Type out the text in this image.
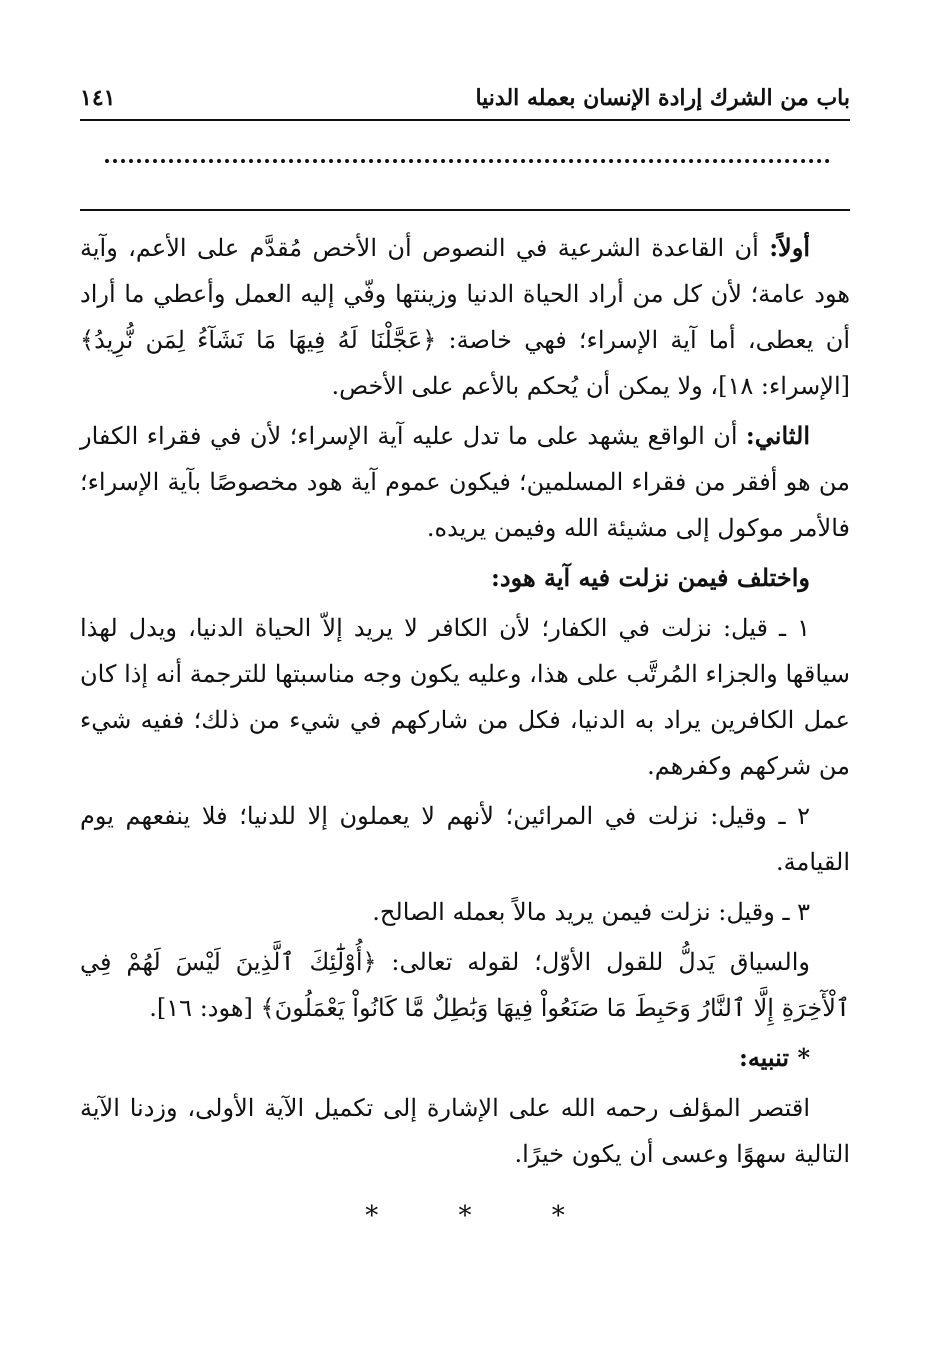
باب من الشرك إرادة الإنسان بعمله الدنيا
١٤١

أولاً: أن القاعدة الشرعية في النصوص أن الأخص مُقدَّم على الأعم، وآية هود عامة؛ لأن كل من أراد الحياة الدنيا وزينتها وفّي إليه العمل وأعطي ما أراد أن يعطى، أما آية الإسراء؛ فهي خاصة: ﴿عَجَّلْنَا لَهُ فِيهَا مَا نَشَآءُ لِمَن نُّرِيدُ﴾ [الإسراء: ١٨]، ولا يمكن أن يُحكم بالأعم على الأخص.

الثاني: أن الواقع يشهد على ما تدل عليه آية الإسراء؛ لأن في فقراء الكفار من هو أفقر من فقراء المسلمين؛ فيكون عموم آية هود مخصوصًا بآية الإسراء؛ فالأمر موكول إلى مشيئة الله وفيمن يريده.

واختلف فيمن نزلت فيه آية هود:

١ ـ قيل: نزلت في الكفار؛ لأن الكافر لا يريد إلاّ الحياة الدنيا، ويدل لهذا سياقها والجزاء المُرتَّب على هذا، وعليه يكون وجه مناسبتها للترجمة أنه إذا كان عمل الكافرين يراد به الدنيا، فكل من شاركهم في شيء من ذلك؛ ففيه شيء من شركهم وكفرهم.

٢ ـ وقيل: نزلت في المرائين؛ لأنهم لا يعملون إلا للدنيا؛ فلا ينفعهم يوم القيامة.

٣ ـ وقيل: نزلت فيمن يريد مالاً بعمله الصالح.

والسياق يَدلُّ للقول الأوّل؛ لقوله تعالى: ﴿أُوْلَٰٓئِكَ ٱلَّذِينَ لَيْسَ لَهُمْ فِي ٱلْأٓخِرَةِ إِلَّا ٱلنَّارُ وَحَبِطَ مَا صَنَعُواْ فِيهَا وَبَٰطِلٌ مَّا كَانُواْ يَعْمَلُونَ﴾ [هود: ١٦].

* تنبيه:

اقتصر المؤلف رحمه الله على الإشارة إلى تكميل الآية الأولى، وزدنا الآية التالية سهوًا وعسى أن يكون خيرًا.

* * *
